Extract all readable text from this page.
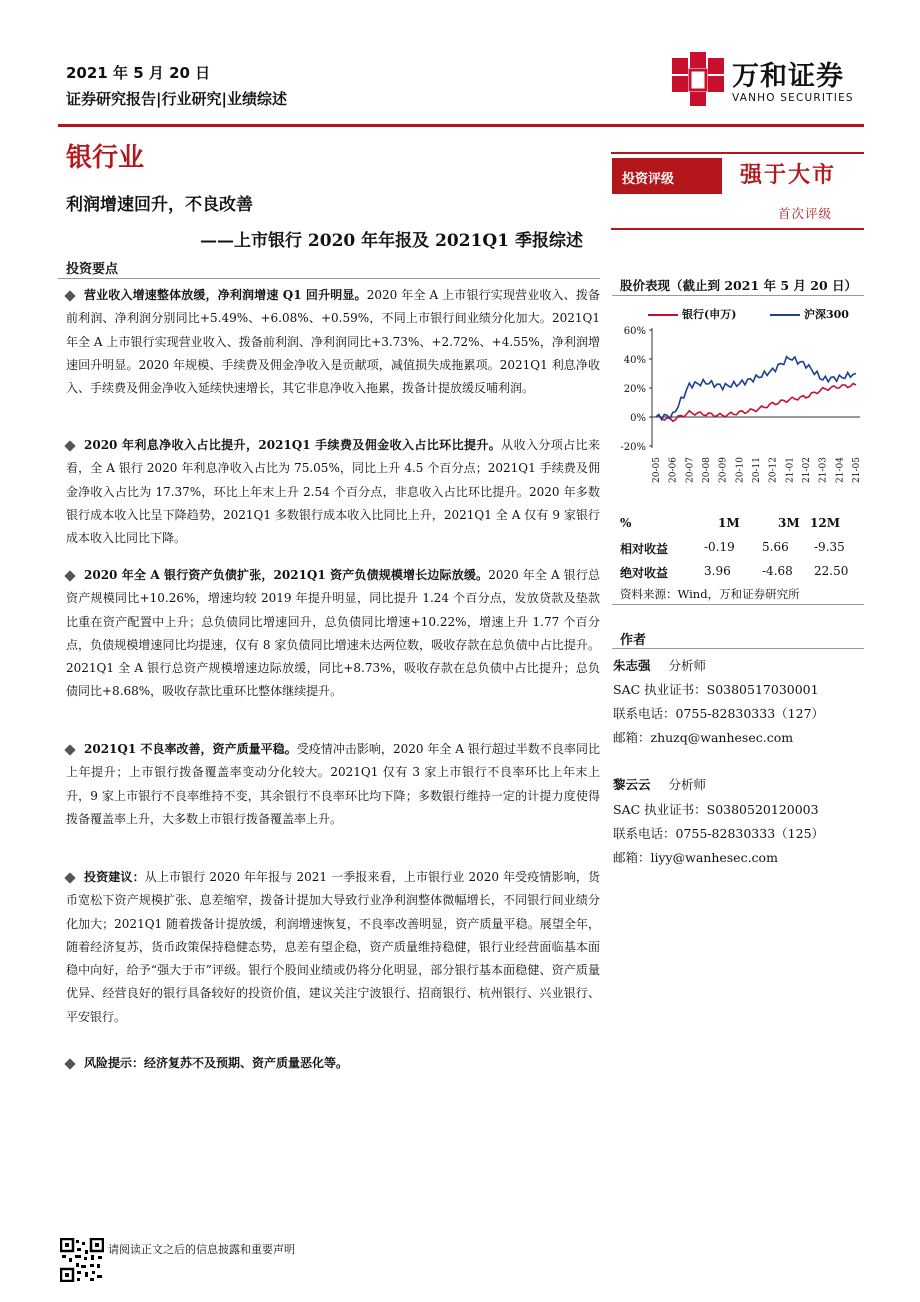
2021 年 5 月 20 日
证券研究报告|行业研究|业绩综述
万和证券
VANHO SECURITIES
银行业
利润增速回升，不良改善
——上市银行 2020 年年报及 2021Q1 季报综述
投资要点

营业收入增速整体放缓，净利润增速 Q1 回升明显。2020 年全 A 上市银行实现营业收入、拨备前利润、净利润分别同比+5.49%、+6.08%、+0.59%，不同上市银行间业绩分化加大。2021Q1 年全 A 上市银行实现营业收入、拨备前利润、净利润同比+3.73%、+2.72%、+4.55%，净利润增速回升明显。2020 年规模、手续费及佣金净收入是贡献项，减值损失成拖累项。2021Q1 利息净收入、手续费及佣金净收入延续快速增长，其它非息净收入拖累，拨备计提放缓反哺利润。

2020 年利息净收入占比提升，2021Q1 手续费及佣金收入占比环比提升。从收入分项占比来看，全 A 银行 2020 年利息净收入占比为 75.05%，同比上升 4.5 个百分点；2021Q1 手续费及佣金净收入占比为 17.37%，环比上年末上升 2.54 个百分点，非息收入占比环比提升。2020 年多数银行成本收入比呈下降趋势，2021Q1 多数银行成本收入比同比上升，2021Q1 全 A 仅有 9 家银行成本收入比同比下降。

2020 年全 A 银行资产负债扩张，2021Q1 资产负债规模增长边际放缓。2020 年全 A 银行总资产规模同比+10.26%，增速均较 2019 年提升明显，同比提升 1.24 个百分点，发放贷款及垫款比重在资产配置中上升；总负债同比增速回升，总负债同比增速+10.22%，增速上升 1.77 个百分点，负债规模增速同比均提速，仅有 8 家负债同比增速未达两位数，吸收存款在总负债中占比提升。2021Q1 全 A 银行总资产规模增速边际放缓，同比+8.73%，吸收存款在总负债中占比提升；总负债同比+8.68%，吸收存款比重环比整体继续提升。

2021Q1 不良率改善，资产质量平稳。受疫情冲击影响，2020 年全 A 银行超过半数不良率同比上年提升；上市银行拨备覆盖率变动分化较大。2021Q1 仅有 3 家上市银行不良率环比上年末上升，9 家上市银行不良率维持不变，其余银行不良率环比均下降；多数银行维持一定的计提力度使得拨备覆盖率上升，大多数上市银行拨备覆盖率上升。

投资建议：从上市银行 2020 年年报与 2021 一季报来看，上市银行业 2020 年受疫情影响，货币宽松下资产规模扩张、息差缩窄，拨备计提加大导致行业净利润整体微幅增长，不同银行间业绩分化加大；2021Q1 随着拨备计提放缓，利润增速恢复，不良率改善明显，资产质量平稳。展望全年，随着经济复苏，货币政策保持稳健态势，息差有望企稳，资产质量维持稳健，银行业经营面临基本面稳中向好，给予“强大于市”评级。银行个股间业绩或仍将分化明显，部分银行基本面稳健、资产质量优异、经营良好的银行具备较好的投资价值，建议关注宁波银行、招商银行、杭州银行、兴业银行、平安银行。

风险提示：经济复苏不及预期、资产质量恶化等。

投资评级	强于大市
首次评级
股价表现（截止到 2021 年 5 月 20 日）
银行(申万)	沪深300
60%
40%
20%
0%
-20%
20-05 20-06 20-07 20-08 20-09 20-10 20-11 20-12 21-01 21-02 21-03 21-04 21-05
%	1M	3M 12M
相对收益	-0.19 5.66 -9.35
绝对收益	3.96	-4.68 22.50
资料来源：Wind，万和证券研究所
作者
朱志强 分析师
SAC 执业证书：S0380517030001
联系电话：0755-82830333（127）
邮箱：zhuzq@wanhesec.com
黎云云 分析师
SAC 执业证书：S0380520120003
联系电话：0755-82830333（125）
邮箱：liyy@wanhesec.com
请阅读正文之后的信息披露和重要声明
